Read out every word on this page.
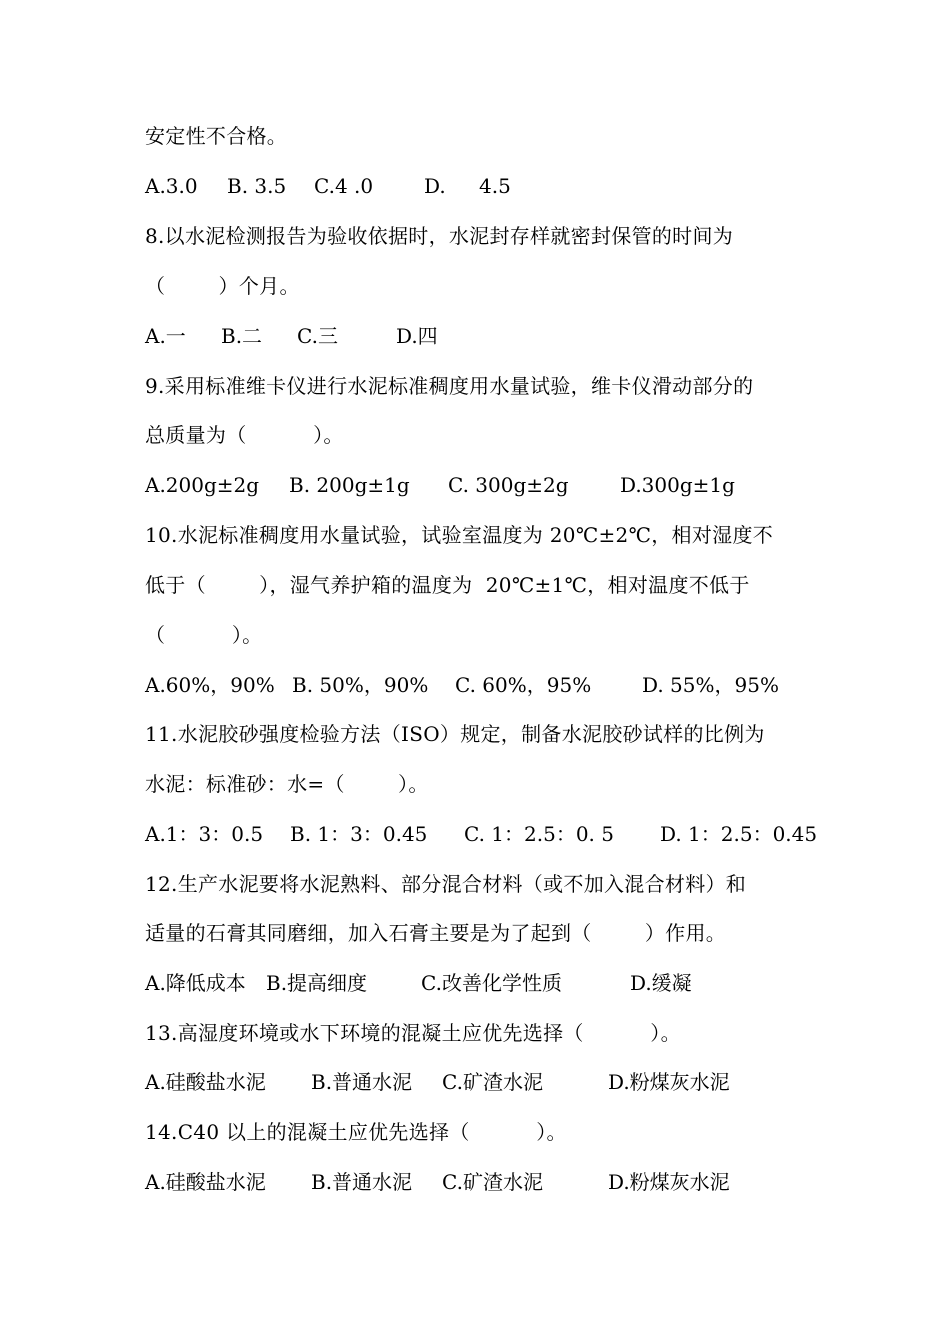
安定性不合格。
A.3.0 B. 3.5 C.4 .0	D. 4.5
8.以水泥检测报告为验收依据时，水泥封存样就密封保管的时间为
（        ）个月。
A.一 B.二 C.三	D.四
9.采用标准维卡仪进行水泥标准稠度用水量试验，维卡仪滑动部分的
总质量为（          ）。
A.200g±2g B. 200g±1g C. 300g±2g	D.300g±1g
10.水泥标准稠度用水量试验，试验室温度为 20℃±2℃，相对湿度不
低于（        ），湿气养护箱的温度为  20℃±1℃，相对温度不低于
（          ）。
A.60%，90% B. 50%，90% C. 60%，95%	D. 55%，95%
11.水泥胶砂强度检验方法（ISO）规定，制备水泥胶砂试样的比例为
水泥：标准砂：水=（        ）。
A.1：3：0.5 B. 1：3：0.45 C. 1：2.5：0. 5 D. 1：2.5：0.45
12.生产水泥要将水泥熟料、部分混合材料（或不加入混合材料）和
适量的石膏其同磨细，加入石膏主要是为了起到（        ）作用。
A.降低成本 B.提高细度	C.改善化学性质	D.缓凝
13.高湿度环境或水下环境的混凝土应优先选择（          ）。
A.硅酸盐水泥 B.普通水泥 C.矿渣水泥	D.粉煤灰水泥
14.C40 以上的混凝土应优先选择（          ）。
A.硅酸盐水泥 B.普通水泥 C.矿渣水泥	D.粉煤灰水泥
